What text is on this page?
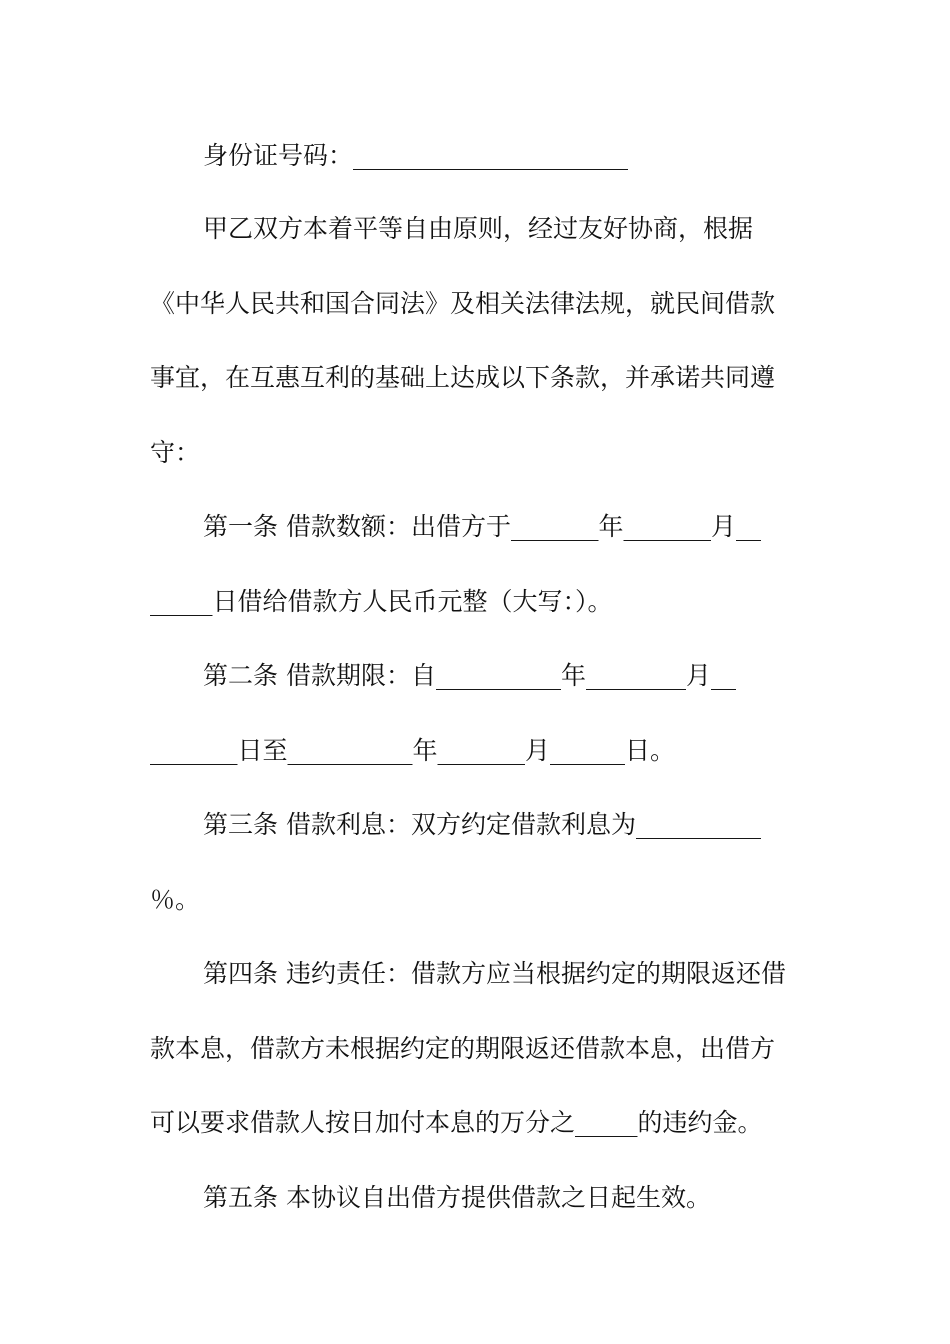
身份证号码：______________________
甲乙双方本着平等自由原则，经过友好协商，根据
《中华人民共和国合同法》及相关法律法规，就民间借款
事宜，在互惠互利的基础上达成以下条款，并承诺共同遵
守：
第一条 借款数额：出借方于_______年_______月__
_____日借给借款方人民币元整（大写：）。
第二条 借款期限：自__________年________月__
_______日至__________年_______月______日。
第三条 借款利息：双方约定借款利息为__________
％。
第四条 违约责任：借款方应当根据约定的期限返还借
款本息，借款方未根据约定的期限返还借款本息，出借方
可以要求借款人按日加付本息的万分之_____的违约金。
第五条 本协议自出借方提供借款之日起生效。
